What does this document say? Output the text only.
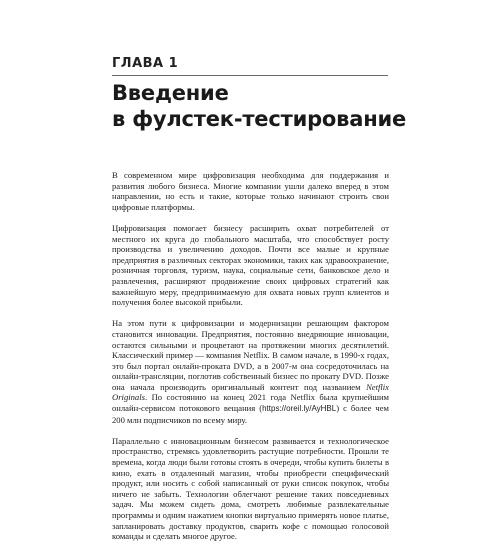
ГЛАВА 1
Введение
в фулстек-тестирование

В современном мире цифровизация необходима для поддержания и развития любого бизнеса. Многие компании ушли далеко вперед в этом направлении, но есть и такие, которые только начинают строить свои цифровые платформы.

Цифровизация помогает бизнесу расширить охват потребителей от местного их круга до глобального масштаба, что способствует росту производства и увеличению доходов. Почти все малые и крупные предприятия в различных секторах экономики, таких как здравоохранение, розничная торговля, туризм, наука, социальные сети, банковское дело и развлечения, расширяют продвижение своих цифровых стратегий как важнейшую меру, предпринимаемую для охвата новых групп клиентов и получения более высокой прибыли.

На этом пути к цифровизации и модернизации решающим фактором становится инновации. Предприятия, постоянно внедряющие инновации, остаются сильными и процветают на протяжении многих десятилетий. Классический пример — компания Netflix. В самом начале, в 1990-х годах, это был портал онлайн-проката DVD, а в 2007-м она сосредоточилась на онлайн-трансляции, поглотив собственный бизнес по прокату DVD. Позже она начала производить оригинальный контент под названием Netflix Originals. По состоянию на конец 2021 года Netflix была крупнейшим онлайн-сервисом потокового вещания (https://oreil.ly/AyHBL) с более чем 200 млн подписчиков по всему миру.

Параллельно с инновационным бизнесом развивается и технологическое пространство, стремясь удовлетворить растущие потребности. Прошли те времена, когда люди были готовы стоять в очереди, чтобы купить билеты в кино, ехать в отдаленный магазин, чтобы приобрести специфический продукт, или носить с собой написанный от руки список покупок, чтобы ничего не забыть. Технологии облегчают решение таких повседневных задач. Мы можем сидеть дома, смотреть любимые развлекательные программы и одним нажатием кнопки виртуально примерять новое платье, запланировать доставку продуктов, сварить кофе с помощью голосовой команды и сделать многое другое.
